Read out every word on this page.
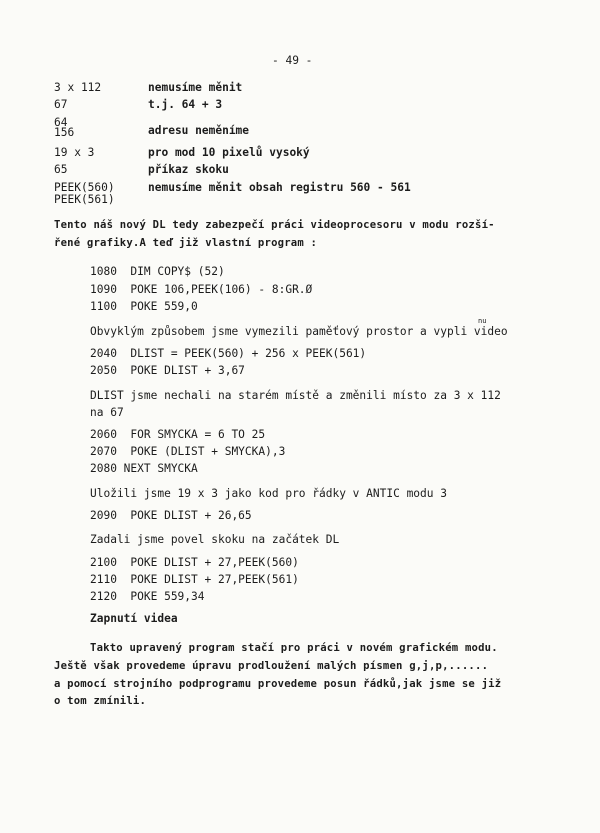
- 49 -
3 x 112	nemusíme měnit
67	t.j. 64 + 3
64
156	adresu neměníme
19 x 3	pro mod 10 pixelů vysoký
65	příkaz skoku
PEEK(560)	nemusíme měnit obsah registru 560 - 561
PEEK(561)
Tento náš nový DL tedy zabezpečí práci videoprocesoru v modu rozší-
řené grafiky.A teď již vlastní program :
1080  DIM COPY$ (52)
1090  POKE 106,PEEK(106) - 8:GR.Ø
1100  POKE 559,0
Obvyklým způsobem jsme vymezili paměťový prostor a vypli video
nu
2040  DLIST = PEEK(560) + 256 x PEEK(561)
2050  POKE DLIST + 3,67
DLIST jsme nechali na starém místě a změnili místo za 3 x 112
na 67
2060  FOR SMYCKA = 6 TO 25
2070  POKE (DLIST + SMYCKA),3
2080 NEXT SMYCKA
Uložili jsme 19 x 3 jako kod pro řádky v ANTIC modu 3
2090  POKE DLIST + 26,65
Zadali jsme povel skoku na začátek DL
2100  POKE DLIST + 27,PEEK(560)
2110  POKE DLIST + 27,PEEK(561)
2120  POKE 559,34
Zapnutí videa
Takto upravený program stačí pro práci v novém grafickém modu.
Ještě však provedeme úpravu prodloužení malých písmen g,j,p,......
a pomocí strojního podprogramu provedeme posun řádků,jak jsme se již
o tom zmínili.
